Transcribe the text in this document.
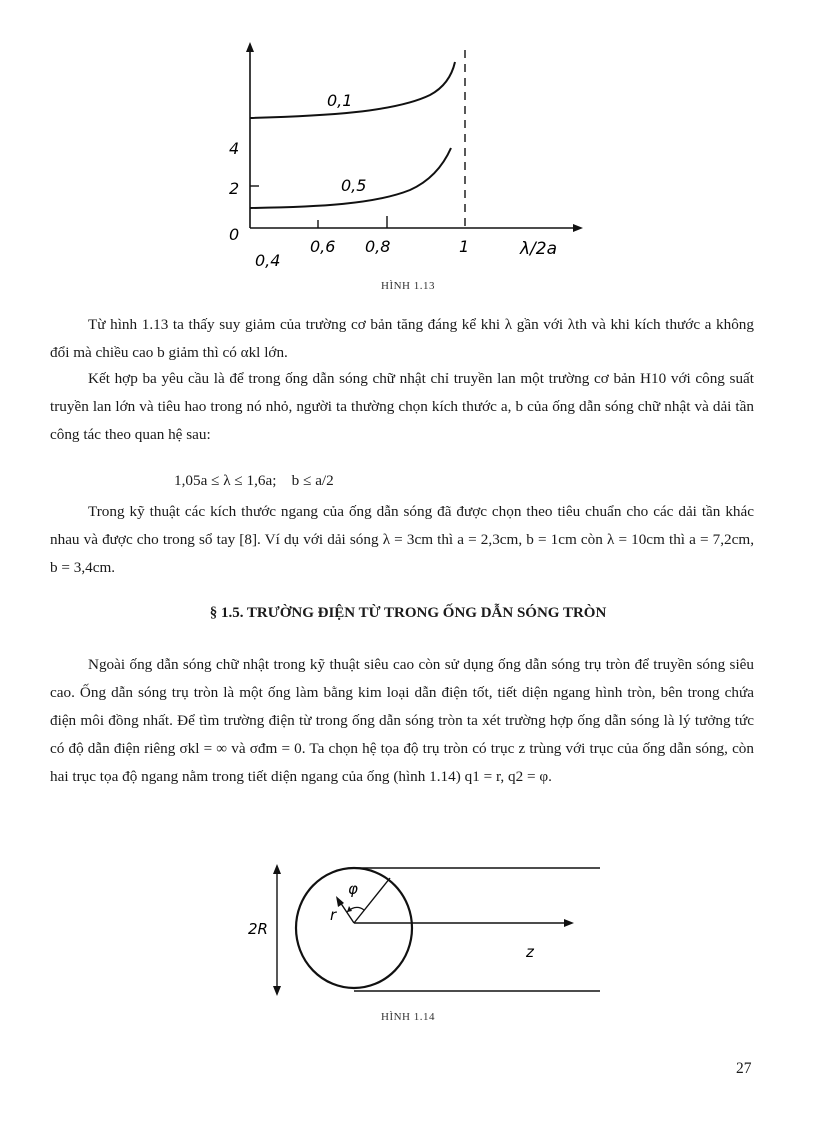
0,1
0,5
4
2
0
0,4
0,6 0,8	1	λ/2a
HÌNH 1.13

Từ hình 1.13 ta thấy suy giảm của trường cơ bản tăng đáng kể khi λ gần với λth và khi kích thước a không đổi mà chiều cao b giảm thì có αkl lớn.

Kết hợp ba yêu cầu là để trong ống dẫn sóng chữ nhật chỉ truyền lan một trường cơ bản H10 với công suất truyền lan lớn và tiêu hao trong nó nhỏ, người ta thường chọn kích thước a, b của ống dẫn sóng chữ nhật và dải tần công tác theo quan hệ sau:

1,05a ≤ λ ≤ 1,6a;    b ≤ a/2

Trong kỹ thuật các kích thước ngang của ống dẫn sóng đã được chọn theo tiêu chuẩn cho các dải tần khác nhau và được cho trong sổ tay [8]. Ví dụ với dải sóng λ = 3cm thì a = 2,3cm, b = 1cm còn λ = 10cm thì a = 7,2cm, b = 3,4cm.

§ 1.5. TRƯỜNG ĐIỆN TỪ TRONG ỐNG DẪN SÓNG TRÒN

Ngoài ống dẫn sóng chữ nhật trong kỹ thuật siêu cao còn sử dụng ống dẫn sóng trụ tròn để truyền sóng siêu cao. Ống dẫn sóng trụ tròn là một ống làm bằng kim loại dẫn điện tốt, tiết diện ngang hình tròn, bên trong chứa điện môi đồng nhất. Để tìm trường điện từ trong ống dẫn sóng tròn ta xét trường hợp ống dẫn sóng là lý tưởng tức có độ dẫn điện riêng σkl = ∞ và σđm = 0. Ta chọn hệ tọa độ trụ tròn có trục z trùng với trục của ống dẫn sóng, còn hai trục tọa độ ngang nằm trong tiết diện ngang của ống (hình 1.14) q1 = r, q2 = φ.

2R
φ
r
z
HÌNH 1.14
27
